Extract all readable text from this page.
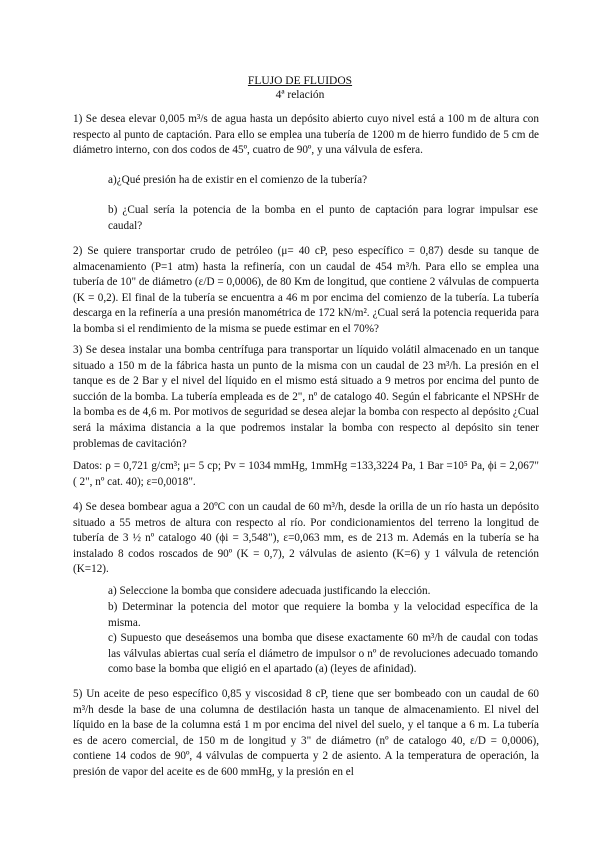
FLUJO DE FLUIDOS
4ª relación

1) Se desea elevar 0,005 m³/s de agua hasta un depósito abierto cuyo nivel está a 100 m de altura con respecto al punto de captación. Para ello se emplea una tubería de 1200 m de hierro fundido de 5 cm de diámetro interno, con dos codos de 45º, cuatro de 90º, y una válvula de esfera.

a)¿Qué presión ha de existir en el comienzo de la tubería?

b) ¿Cual sería la potencia de la bomba en el punto de captación para lograr impulsar ese caudal?

2) Se quiere transportar crudo de petróleo (μ= 40 cP, peso específico = 0,87) desde su tanque de almacenamiento (P=1 atm) hasta la refinería, con un caudal de 454 m³/h. Para ello se emplea una tubería de 10" de diámetro (ε/D = 0,0006), de 80 Km de longitud, que contiene 2 válvulas de compuerta (K = 0,2). El final de la tubería se encuentra a 46 m por encima del comienzo de la tubería. La tubería descarga en la refinería a una presión manométrica de 172 kN/m². ¿Cual será la potencia requerida para la bomba si el rendimiento de la misma se puede estimar en el 70%?

3) Se desea instalar una bomba centrífuga para transportar un líquido volátil almacenado en un tanque situado a 150 m de la fábrica hasta un punto de la misma con un caudal de 23 m³/h. La presión en el tanque es de 2 Bar y el nivel del líquido en el mismo está situado a 9 metros por encima del punto de succión de la bomba. La tubería empleada es de 2", nº de catalogo 40. Según el fabricante el NPSHr de la bomba es de 4,6 m. Por motivos de seguridad se desea alejar la bomba con respecto al depósito ¿Cual será la máxima distancia a la que podremos instalar la bomba con respecto al depósito sin tener problemas de cavitación?

Datos: ρ = 0,721 g/cm³; μ= 5 cp; Pv = 1034 mmHg, 1mmHg =133,3224 Pa, 1 Bar =10⁵ Pa, ϕi = 2,067" ( 2", nº cat. 40); ε=0,0018".

4) Se desea bombear agua a 20ºC con un caudal de 60 m³/h, desde la orilla de un río hasta un depósito situado a 55 metros de altura con respecto al río. Por condicionamientos del terreno la longitud de tubería de 3 ½ nº catalogo 40 (ϕi = 3,548"), ε=0,063 mm, es de 213 m. Además en la tubería se ha instalado 8 codos roscados de 90º (K = 0,7), 2 válvulas de asiento (K=6) y 1 válvula de retención (K=12).

a) Seleccione la bomba que considere adecuada justificando la elección.

b) Determinar la potencia del motor que requiere la bomba y la velocidad específica de la misma.

c) Supuesto que deseásemos una bomba que disese exactamente 60 m³/h de caudal con todas las válvulas abiertas cual sería el diámetro de impulsor o nº de revoluciones adecuado tomando como base la bomba que eligió en el apartado (a) (leyes de afinidad).

5) Un aceite de peso específico 0,85 y viscosidad 8 cP, tiene que ser bombeado con un caudal de 60 m³/h desde la base de una columna de destilación hasta un tanque de almacenamiento. El nivel del líquido en la base de la columna está 1 m por encima del nivel del suelo, y el tanque a 6 m. La tubería es de acero comercial, de 150 m de longitud y 3" de diámetro (nº de catalogo 40, ε/D = 0,0006), contiene 14 codos de 90º, 4 válvulas de compuerta y 2 de asiento. A la temperatura de operación, la presión de vapor del aceite es de 600 mmHg, y la presión en el
